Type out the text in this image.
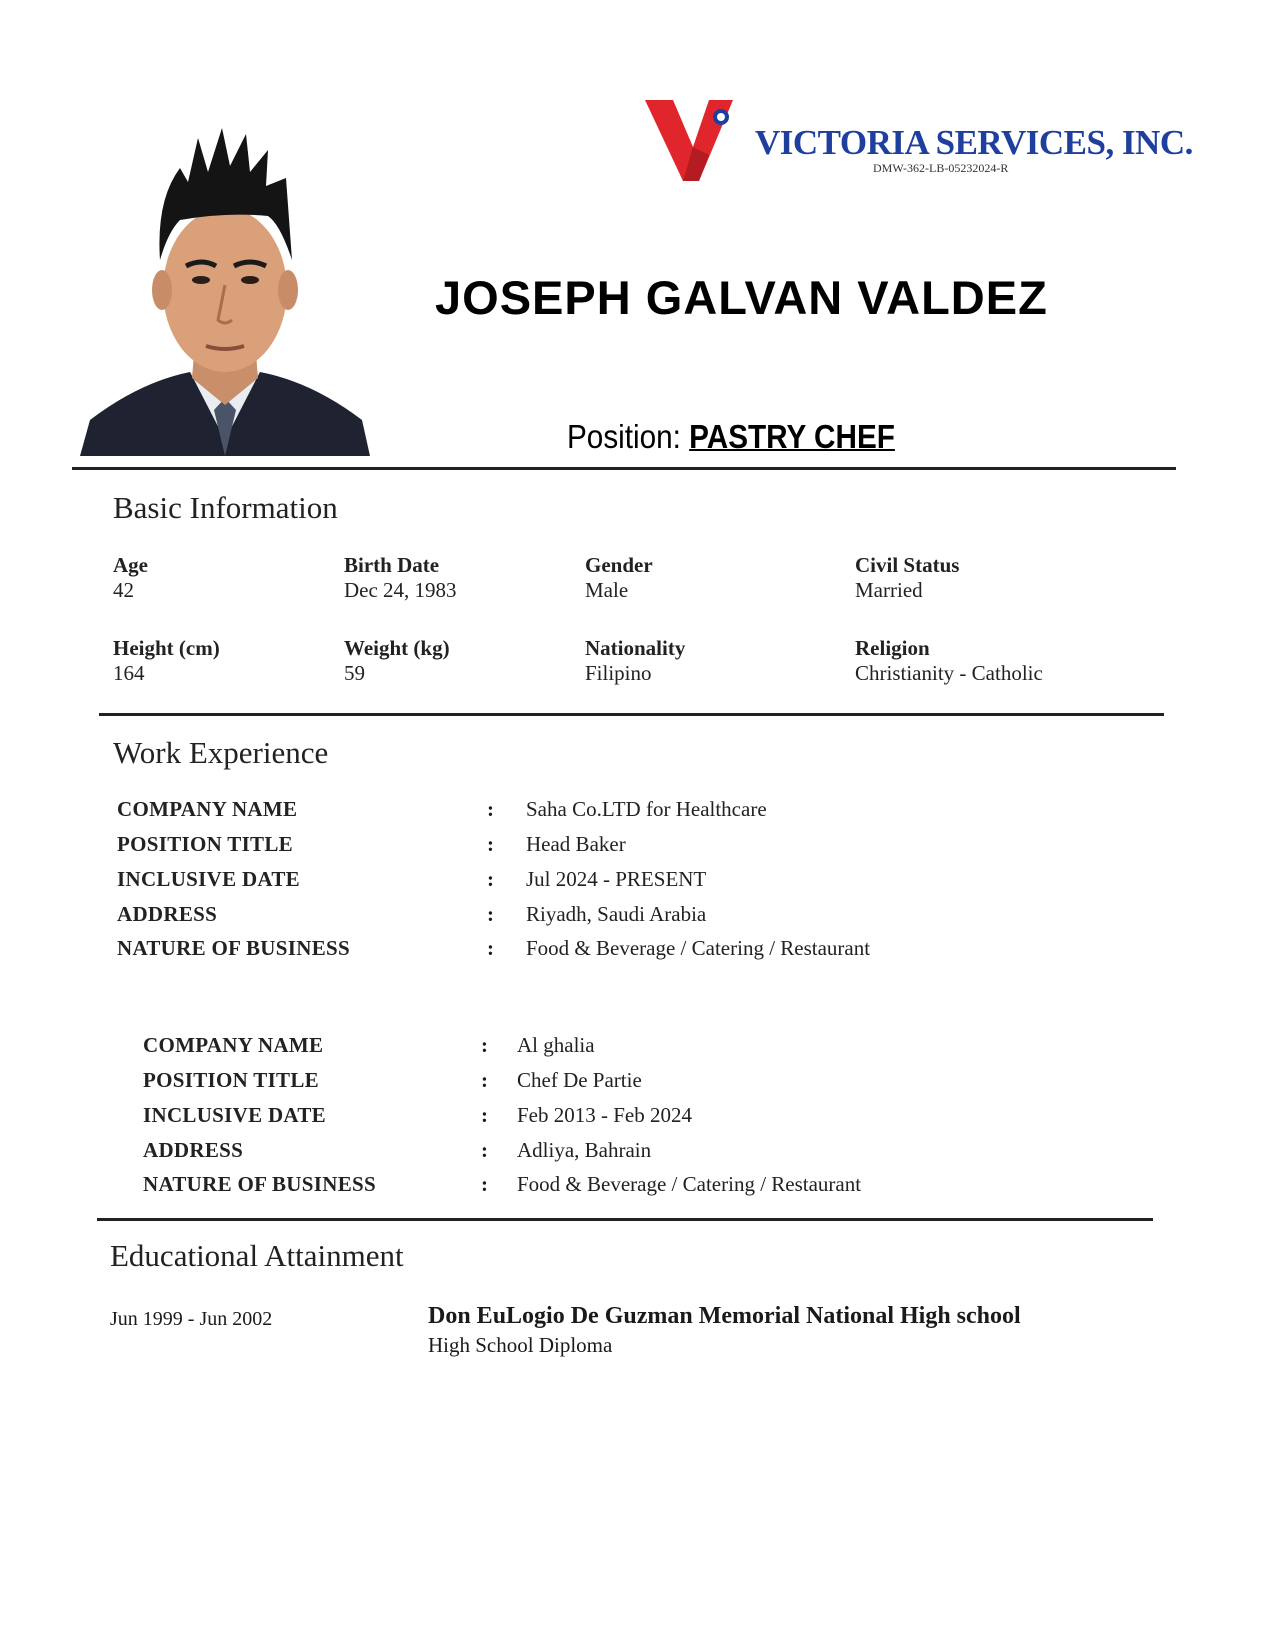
VICTORIA SERVICES, INC.
DMW-362-LB-05232024-R
JOSEPH GALVAN VALDEZ
Position: PASTRY CHEF
Basic Information
Age
42
Birth Date
Dec 24, 1983
Gender
Male
Civil Status
Married
Height (cm)
164
Weight (kg)
59
Nationality
Filipino
Religion
Christianity - Catholic
Work Experience
COMPANY NAME	: Saha Co.LTD for Healthcare
POSITION TITLE	: Head Baker
INCLUSIVE DATE	: Jul 2024 - PRESENT
ADDRESS	: Riyadh, Saudi Arabia
NATURE OF BUSINESS	: Food & Beverage / Catering / Restaurant
COMPANY NAME	: Al ghalia
POSITION TITLE	: Chef De Partie
INCLUSIVE DATE	: Feb 2013 - Feb 2024
ADDRESS	: Adliya, Bahrain
NATURE OF BUSINESS	: Food & Beverage / Catering / Restaurant
Educational Attainment
Jun 1999 - Jun 2002	Don EuLogio De Guzman Memorial National High school
High School Diploma
